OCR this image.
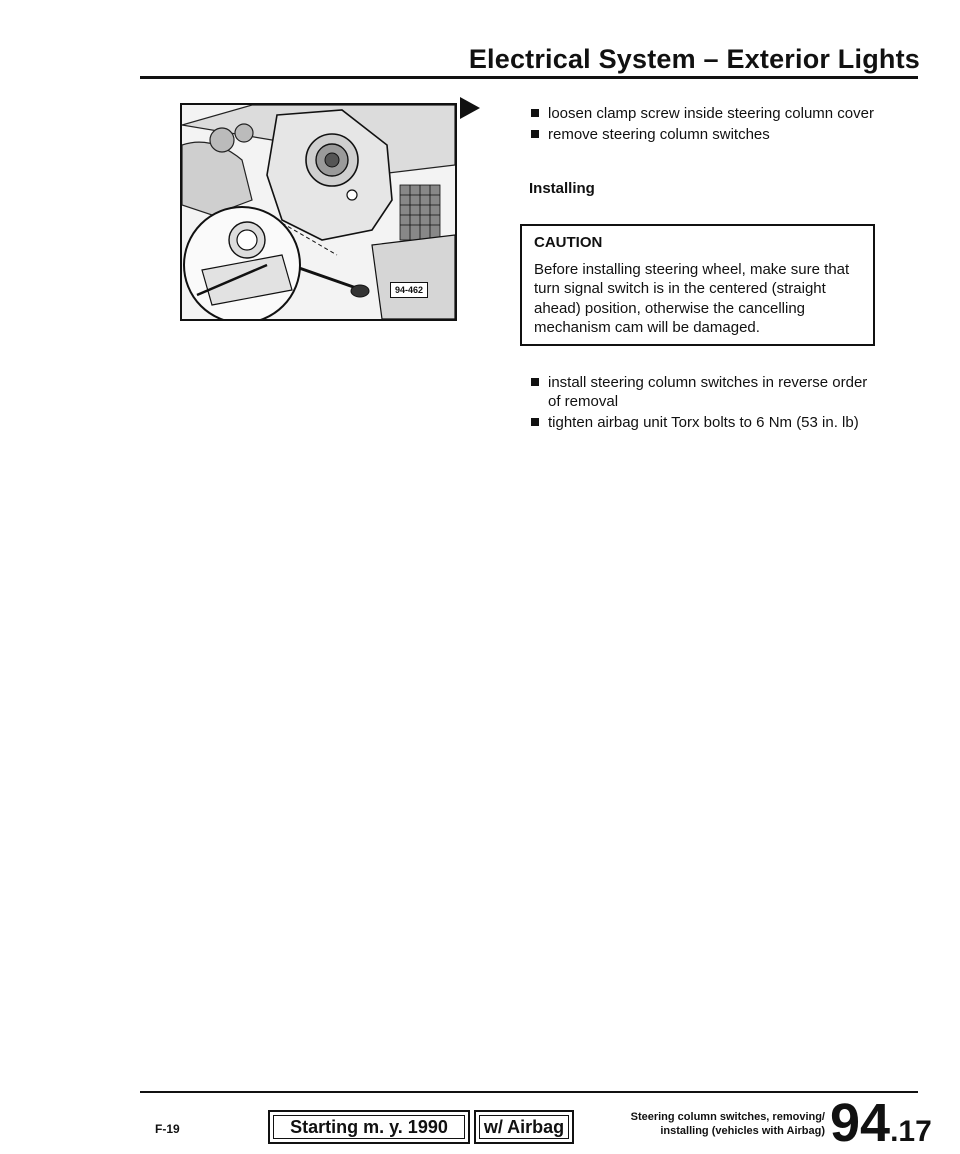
Electrical System – Exterior Lights
94-462
loosen clamp screw inside steering column cover
remove steering column switches
Installing
CAUTION
Before installing steering wheel, make sure that turn signal switch is in the centered (straight ahead) position, otherwise the cancelling mechanism cam will be damaged.
install steering column switches in reverse order of removal
tighten airbag unit Torx bolts to 6 Nm (53 in. lb)
F-19	Starting m. y. 1990 w/ Airbag	Steering column switches, removing/
installing (vehicles with Airbag) 94.17
